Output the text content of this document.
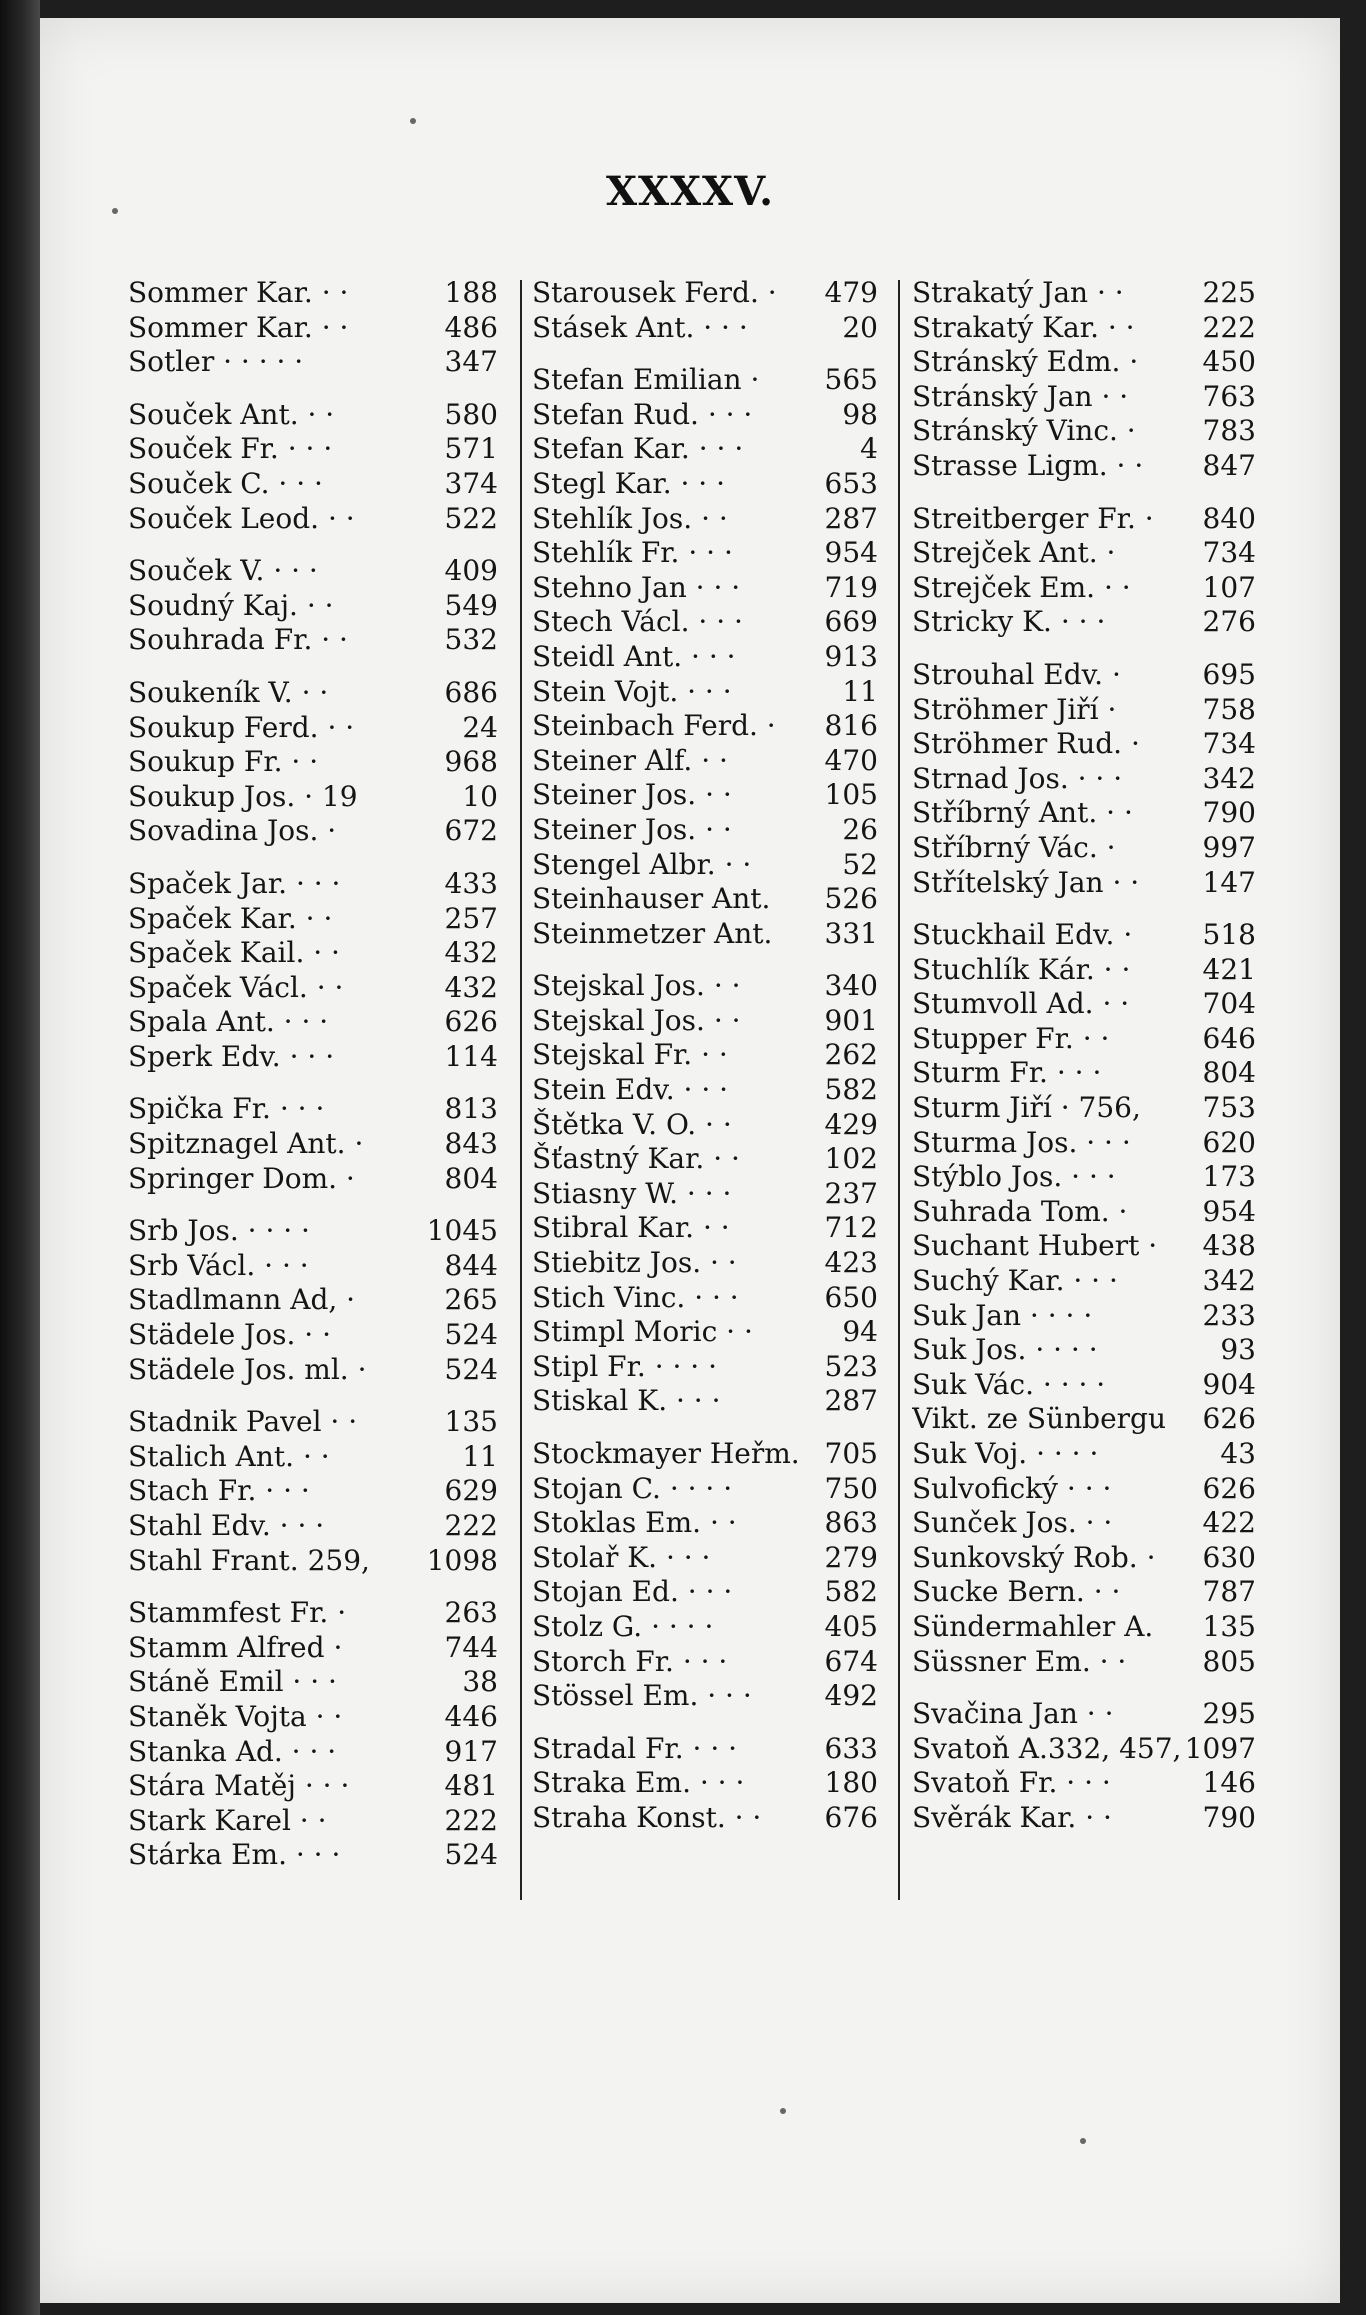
XXXXV.
Sommer Kar. · ·	188
Sommer Kar. · ·	486
Sotler · · · · ·	347
Souček Ant. · ·	580
Souček Fr. · · ·	571
Souček C. · · ·	374
Souček Leod. · ·	522
Souček V. · · ·	409
Soudný Kaj. · ·	549
Souhrada Fr. · ·	532
Soukeník V. · ·	686
Soukup Ferd. · ·	24
Soukup Fr. · ·	968
Soukup Jos. · 19	10
Sovadina Jos. ·	672
Spaček Jar. · · ·	433
Spaček Kar. · ·	257
Spaček Kail. · ·	432
Spaček Václ. · ·	432
Spala Ant. · · ·	626
Sperk Edv. · · ·	114
Spička Fr. · · ·	813
Spitznagel Ant. ·	843
Springer Dom. ·	804
Srb Jos. · · · ·	1045
Srb Václ. · · ·	844
Stadlmann Ad, ·	265
Städele Jos. · ·	524
Städele Jos. ml. ·	524
Stadnik Pavel · ·	135
Stalich Ant. · ·	11
Stach Fr. · · ·	629
Stahl Edv. · · ·	222
Stahl Frant. 259, 1098
Stammfest Fr. ·	263
Stamm Alfred ·	744
Stáně Emil · · ·	38
Staněk Vojta · ·	446
Stanka Ad. · · ·	917
Stára Matěj · · ·	481
Stark Karel · ·	222
Stárka Em. · · ·	524
Starousek Ferd. · 479
Stásek Ant. · · ·	20
Stefan Emilian · 565
Stefan Rud. · · ·	98
Stefan Kar. · · ·	4
Stegl Kar. · · ·	653
Stehlík Jos. · ·	287
Stehlík Fr. · · ·	954
Stehno Jan · · ·	719
Stech Václ. · · ·	669
Steidl Ant. · · ·	913
Stein Vojt. · · ·	11
Steinbach Ferd. · 816
Steiner Alf. · ·	470
Steiner Jos. · ·	105
Steiner Jos. · ·	26
Stengel Albr. · ·	52
Steinhauser Ant. 526
Steinmetzer Ant. 331
Stejskal Jos. · ·	340
Stejskal Jos. · ·	901
Stejskal Fr. · ·	262
Stein Edv. · · ·	582
Štětka V. O. · ·	429
Šťastný Kar. · ·	102
Stiasny W. · · ·	237
Stibral Kar. · ·	712
Stiebitz Jos. · ·	423
Stich Vinc. · · ·	650
Stimpl Moric · ·	94
Stipl Fr. · · · ·	523
Stiskal K. · · ·	287
Stockmayer Heřm. 705
Stojan C. · · · ·	750
Stoklas Em. · ·	863
Stolař K. · · ·	279
Stojan Ed. · · ·	582
Stolz G. · · · ·	405
Storch Fr. · · ·	674
Stössel Em. · · ·	492
Stradal Fr. · · ·	633
Straka Em. · · ·	180
Straha Konst. · · 676
Strakatý Jan · ·	225
Strakatý Kar. · · 222
Stránský Edm. · 450
Stránský Jan · ·	763
Stránský Vinc. · 783
Strasse Ligm. · · 847
Streitberger Fr. · 840
Strejček Ant. ·	734
Strejček Em. · ·	107
Stricky K. · · ·	276
Strouhal Edv. ·	695
Ströhmer Jiří ·	758
Ströhmer Rud. · 734
Strnad Jos. · · ·	342
Stříbrný Ant. · · 790
Stříbrný Vác. ·	997
Střítelský Jan · · 147
Stuckhail Edv. ·	518
Stuchlík Kár. · ·	421
Stumvoll Ad. · ·	704
Stupper Fr. · ·	646
Sturm Fr. · · ·	804
Sturm Jiří · 756, 753
Sturma Jos. · · ·	620
Stýblo Jos. · · ·	173
Suhrada Tom. ·	954
Suchant Hubert · 438
Suchý Kar. · · ·	342
Suk Jan · · · ·	233
Suk Jos. · · · ·	93
Suk Vác. · · · ·	904
Vikt. ze Sünbergu 626
Suk Voj. · · · ·	43
Sulvofický · · ·	626
Sunček Jos. · ·	422
Sunkovský Rob. · 630
Sucke Bern. · ·	787
Sündermahler A. 135
Süssner Em. · ·	805
Svačina Jan · ·	295
Svatoň A.332, 457, 1097
Svatoň Fr. · · ·	146
Svěrák Kar. · ·	790
